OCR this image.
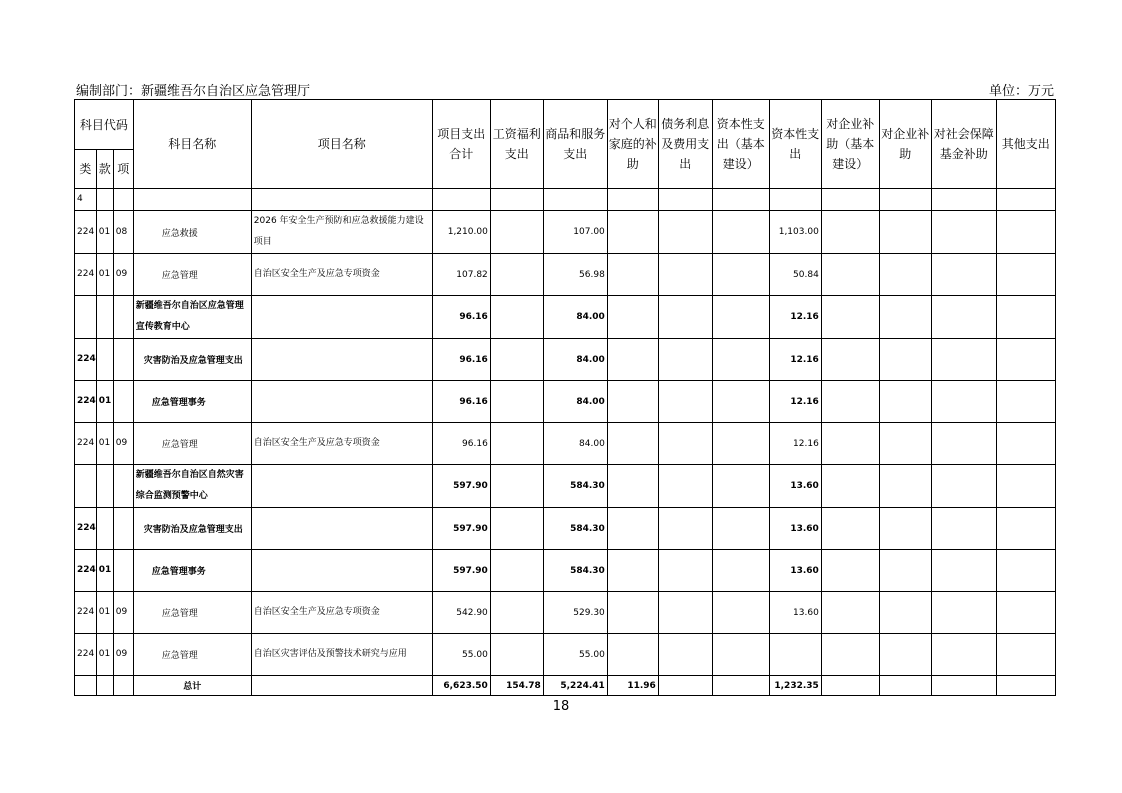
编制部门：新疆维吾尔自治区应急管理厅	单位：万元
科目代码			科目名称	项目名称	项目支出合计	工资福利支出	商品和服务支出	对个人和家庭的补助	债务利息及费用支出	资本性支出（基本建设）	资本性支出	对企业补助（基本建设）	对企业补助	对社会保障基金补助	其他支出
类	款	项													
4															
224	01	08	应急救援	2026 年安全生产预防和应急救援能力建设项目	1,210.00		107.00				1,103.00				
224	01	09	应急管理	自治区安全生产及应急专项资金	107.82		56.98				50.84				
			新疆维吾尔自治区应急管理宣传教育中心		96.16		84.00				12.16				
224			灾害防治及应急管理支出		96.16		84.00				12.16				
224	01		应急管理事务		96.16		84.00				12.16				
224	01	09	应急管理	自治区安全生产及应急专项资金	96.16		84.00				12.16				
			新疆维吾尔自治区自然灾害综合监测预警中心		597.90		584.30				13.60				
224			灾害防治及应急管理支出		597.90		584.30				13.60				
224	01		应急管理事务		597.90		584.30				13.60				
224	01	09	应急管理	自治区安全生产及应急专项资金	542.90		529.30				13.60				
224	01	09	应急管理	自治区灾害评估及预警技术研究与应用	55.00		55.00								
			总计		6,623.50	154.78	5,224.41	11.96			1,232.35				
18
